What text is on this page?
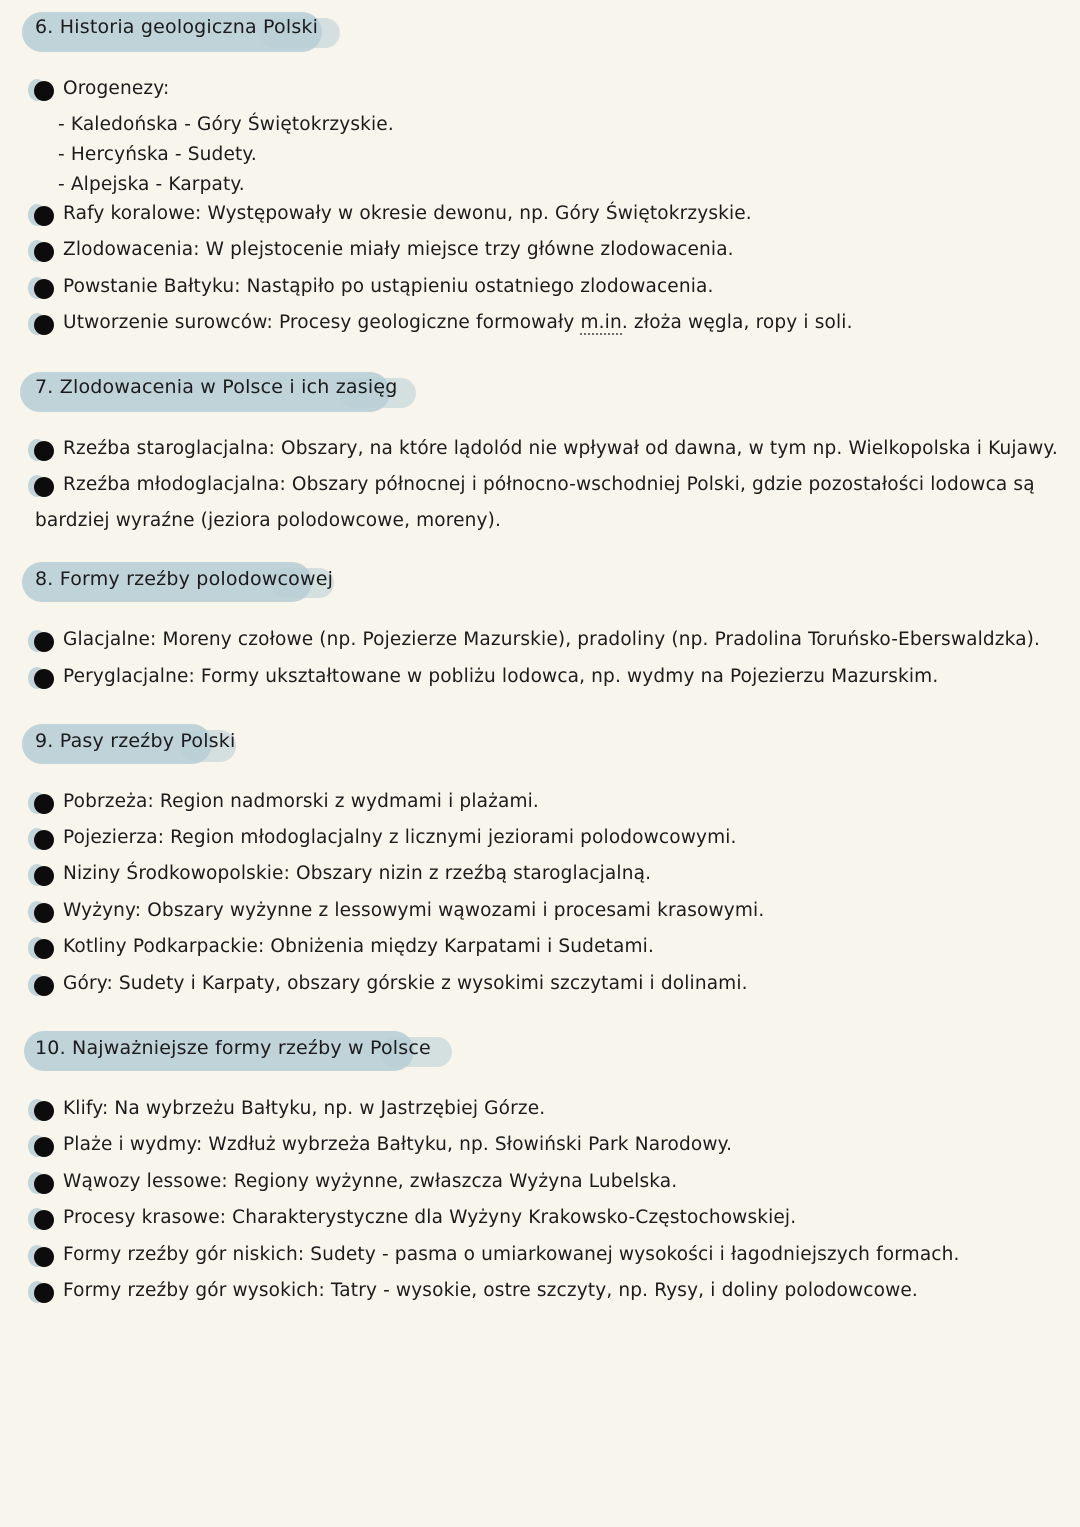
6. Historia geologiczna Polski
Orogenezy:
- Kaledońska - Góry Świętokrzyskie.
- Hercyńska - Sudety.
- Alpejska - Karpaty.
Rafy koralowe: Występowały w okresie dewonu, np. Góry Świętokrzyskie.
Zlodowacenia: W plejstocenie miały miejsce trzy główne zlodowacenia.
Powstanie Bałtyku: Nastąpiło po ustąpieniu ostatniego zlodowacenia.
Utworzenie surowców: Procesy geologiczne formowały m.in. złoża węgla, ropy i soli.
7. Zlodowacenia w Polsce i ich zasięg
Rzeźba staroglacjalna: Obszary, na które lądolód nie wpływał od dawna, w tym np. Wielkopolska i Kujawy.
Rzeźba młodoglacjalna: Obszary północnej i północno-wschodniej Polski, gdzie pozostałości lodowca są
bardziej wyraźne (jeziora polodowcowe, moreny).
8. Formy rzeźby polodowcowej
Glacjalne: Moreny czołowe (np. Pojezierze Mazurskie), pradoliny (np. Pradolina Toruńsko-Eberswaldzka).
Peryglacjalne: Formy ukształtowane w pobliżu lodowca, np. wydmy na Pojezierzu Mazurskim.
9. Pasy rzeźby Polski
Pobrzeża: Region nadmorski z wydmami i plażami.
Pojezierza: Region młodoglacjalny z licznymi jeziorami polodowcowymi.
Niziny Środkowopolskie: Obszary nizin z rzeźbą staroglacjalną.
Wyżyny: Obszary wyżynne z lessowymi wąwozami i procesami krasowymi.
Kotliny Podkarpackie: Obniżenia między Karpatami i Sudetami.
Góry: Sudety i Karpaty, obszary górskie z wysokimi szczytami i dolinami.
10. Najważniejsze formy rzeźby w Polsce
Klify: Na wybrzeżu Bałtyku, np. w Jastrzębiej Górze.
Plaże i wydmy: Wzdłuż wybrzeża Bałtyku, np. Słowiński Park Narodowy.
Wąwozy lessowe: Regiony wyżynne, zwłaszcza Wyżyna Lubelska.
Procesy krasowe: Charakterystyczne dla Wyżyny Krakowsko-Częstochowskiej.
Formy rzeźby gór niskich: Sudety - pasma o umiarkowanej wysokości i łagodniejszych formach.
Formy rzeźby gór wysokich: Tatry - wysokie, ostre szczyty, np. Rysy, i doliny polodowcowe.
